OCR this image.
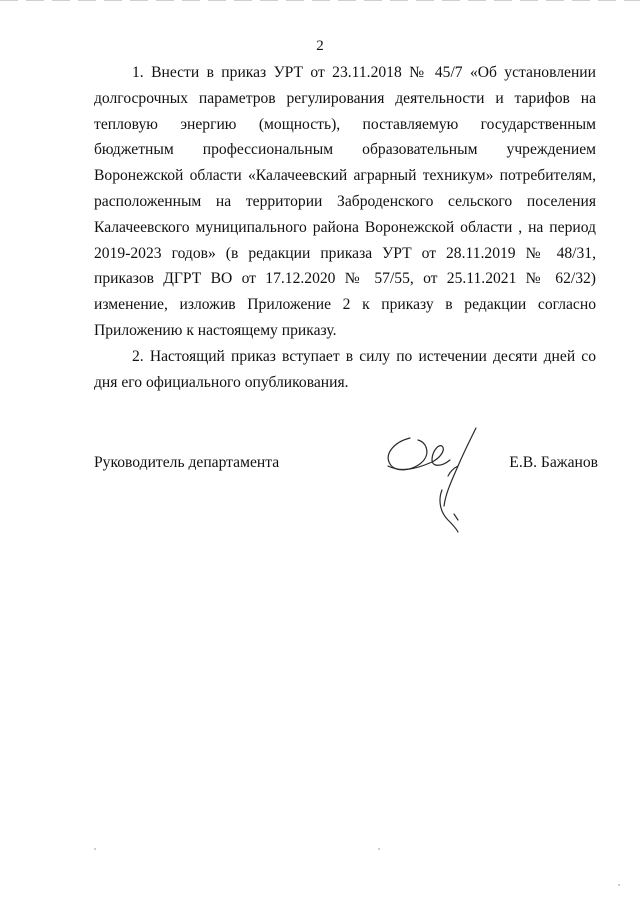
2

1. Внести в приказ УРТ от 23.11.2018 № 45/7 «Об установлении долгосрочных параметров регулирования деятельности и тарифов на тепловую энергию (мощность), поставляемую государственным бюджетным профессиональным образовательным учреждением Воронежской области «Калачеевский аграрный техникум» потребителям, расположенным на территории Заброденского сельского поселения Калачеевского муниципального района Воронежской области , на период 2019-2023 годов» (в редакции приказа УРТ от 28.11.2019 № 48/31, приказов ДГРТ ВО от 17.12.2020 № 57/55, от 25.11.2021 № 62/32) изменение, изложив Приложение 2 к приказу в редакции согласно Приложению к настоящему приказу.

2. Настоящий приказ вступает в силу по истечении десяти дней со дня его официального опубликования.

Руководитель департамента	Е.В. Бажанов
